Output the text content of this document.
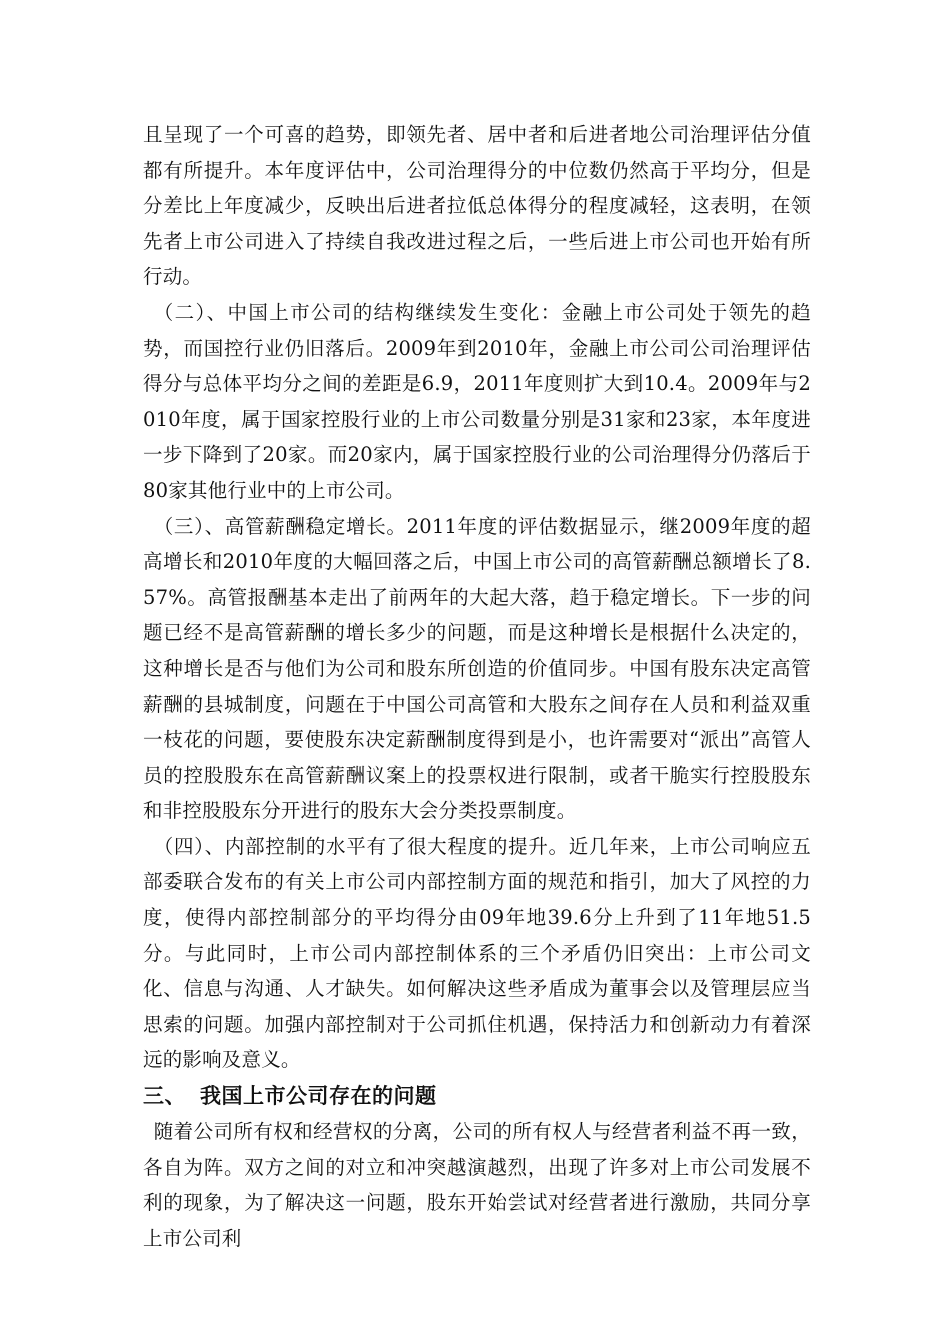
且呈现了一个可喜的趋势，即领先者、居中者和后进者地公司治理评估分值都有所提升。本年度评估中，公司治理得分的中位数仍然高于平均分，但是分差比上年度减少，反映出后进者拉低总体得分的程度减轻，这表明，在领先者上市公司进入了持续自我改进过程之后，一些后进上市公司也开始有所行动。

（二）、中国上市公司的结构继续发生变化：金融上市公司处于领先的趋势，而国控行业仍旧落后。2009年到2010年，金融上市公司公司治理评估得分与总体平均分之间的差距是6.9，2011年度则扩大到10.4。2009年与2010年度，属于国家控股行业的上市公司数量分别是31家和23家，本年度进一步下降到了20家。而20家内，属于国家控股行业的公司治理得分仍落后于80家其他行业中的上市公司。

（三）、高管薪酬稳定增长。2011年度的评估数据显示，继2009年度的超高增长和2010年度的大幅回落之后，中国上市公司的高管薪酬总额增长了8.57%。高管报酬基本走出了前两年的大起大落，趋于稳定增长。下一步的问题已经不是高管薪酬的增长多少的问题，而是这种增长是根据什么决定的，这种增长是否与他们为公司和股东所创造的价值同步。中国有股东决定高管薪酬的县城制度，问题在于中国公司高管和大股东之间存在人员和利益双重一枝花的问题，要使股东决定薪酬制度得到是小，也许需要对“派出”高管人员的控股股东在高管薪酬议案上的投票权进行限制，或者干脆实行控股股东和非控股股东分开进行的股东大会分类投票制度。

（四）、内部控制的水平有了很大程度的提升。近几年来，上市公司响应五部委联合发布的有关上市公司内部控制方面的规范和指引，加大了风控的力度，使得内部控制部分的平均得分由09年地39.6分上升到了11年地51.5分。与此同时，上市公司内部控制体系的三个矛盾仍旧突出：上市公司文化、信息与沟通、人才缺失。如何解决这些矛盾成为董事会以及管理层应当思索的问题。加强内部控制对于公司抓住机遇，保持活力和创新动力有着深远的影响及意义。

三、 我国上市公司存在的问题

随着公司所有权和经营权的分离，公司的所有权人与经营者利益不再一致，各自为阵。双方之间的对立和冲突越演越烈，出现了许多对上市公司发展不利的现象，为了解决这一问题，股东开始尝试对经营者进行激励，共同分享上市公司利
